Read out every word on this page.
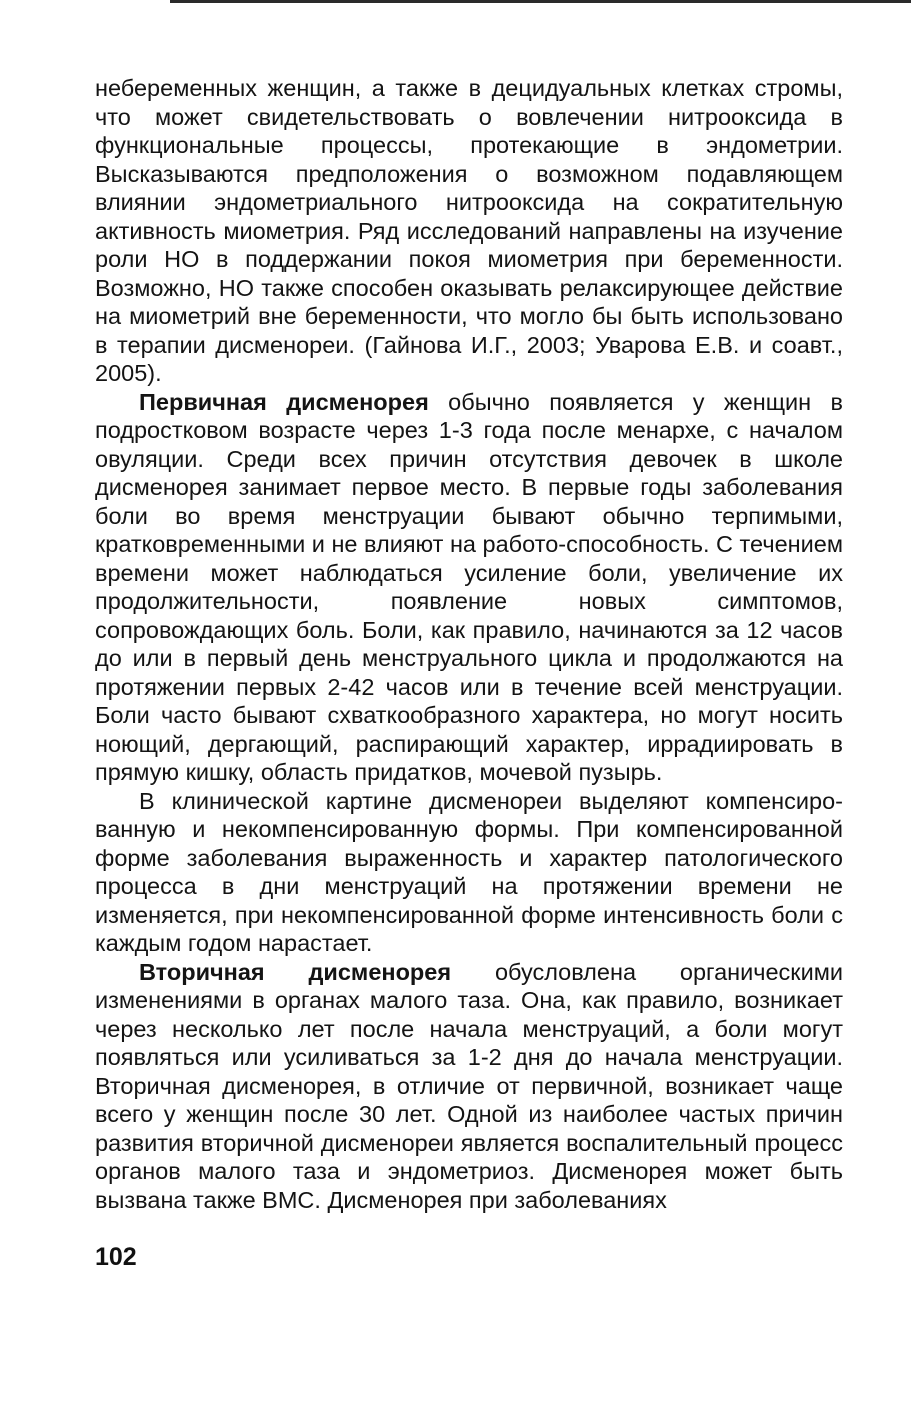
небеременных женщин, а также в децидуальных клетках стромы, что может свидетельствовать о вовлечении нитрооксида в функциональные процессы, протекающие в эндометрии. Высказываются предположения о возможном подавляющем влиянии эндометриального нитрооксида на сократительную активность миометрия. Ряд исследований направлены на изучение роли НО в поддержании покоя миометрия при беременности. Возможно, НО также способен оказывать релаксирующее действие на миометрий вне беременности, что могло бы быть использовано в терапии дисменореи. (Гайнова И.Г., 2003; Уварова Е.В. и соавт., 2005).

Первичная дисменорея обычно появляется у женщин в подростковом возрасте через 1-3 года после менархе, с началом овуляции. Среди всех причин отсутствия девочек в школе дисменорея занимает первое место. В первые годы заболевания боли во время менструации бывают обычно терпимыми, кратковременными и не влияют на работо-способность. С течением времени может наблюдаться усиление боли, увеличение их продолжительности, появление новых симптомов, сопровождающих боль. Боли, как правило, начинаются за 12 часов до или в первый день менструального цикла и продолжаются на протяжении первых 2-42 часов или в течение всей менструации. Боли часто бывают схваткообразного характера, но могут носить ноющий, дергающий, распирающий характер, иррадиировать в прямую кишку, область придатков, мочевой пузырь.

В клинической картине дисменореи выделяют компенсированную и некомпенсированную формы. При компенсированной форме заболевания выраженность и характер патологического процесса в дни менструаций на протяжении времени не изменяется, при некомпенсированной форме интенсивность боли с каждым годом нарастает.

Вторичная дисменорея обусловлена органическими изменениями в органах малого таза. Она, как правило, возникает через несколько лет после начала менструаций, а боли могут появляться или усиливаться за 1-2 дня до начала менструации. Вторичная дисменорея, в отличие от первичной, возникает чаще всего у женщин после 30 лет. Одной из наиболее частых причин развития вторичной дисменореи является воспалительный процесс органов малого таза и эндометриоз. Дисменорея может быть вызвана также ВМС. Дисменорея при заболеваниях

102
